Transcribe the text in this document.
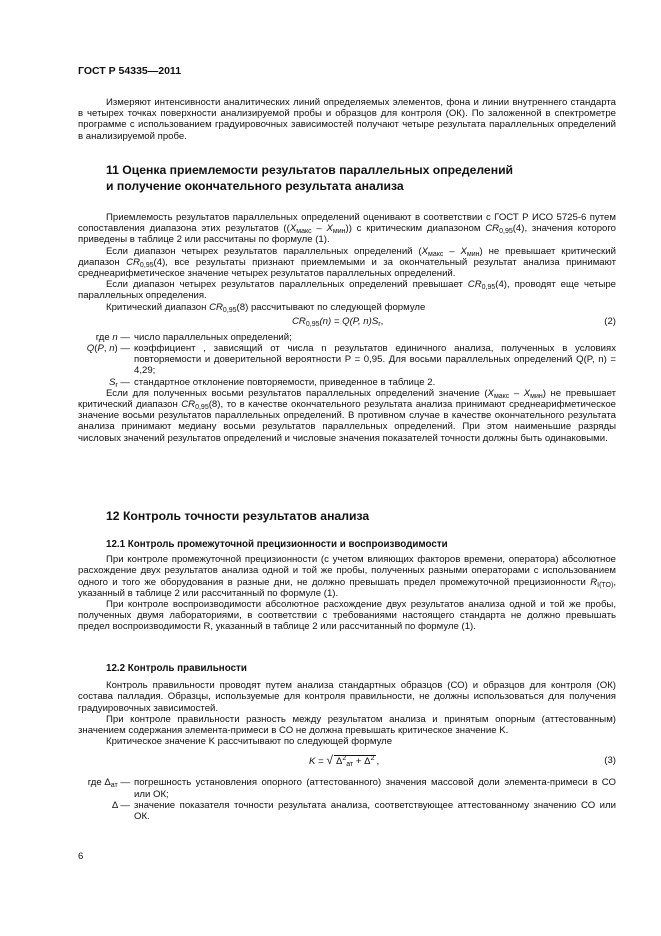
ГОСТ Р 54335—2011

Измеряют интенсивности аналитических линий определяемых элементов, фона и линии внутреннего стандарта в четырех точках поверхности анализируемой пробы и образцов для контроля (ОК). По заложенной в спектрометре программе с использованием градуировочных зависимостей получают четыре результата параллельных определений в анализируемой пробе.

11 Оценка приемлемости результатов параллельных определений
и получение окончательного результата анализа

Приемлемость результатов параллельных определений оценивают в соответствии с ГОСТ Р ИСО 5725-6 путем сопоставления диапазона этих результатов $((X_{макс} - X_{мин}))$ с критическим диапазоном $CR_{0,95}(4)$, значения которого приведены в таблице 2 или рассчитаны по формуле (1).

Если диапазон четырех результатов параллельных определений $(X_{макс} - X_{мин})$ не превышает критический диапазон $CR_{0,95}(4)$, все результаты признают приемлемыми и за окончательный результат анализа принимают среднеарифметическое значение четырех результатов параллельных определений.

Если диапазон четырех результатов параллельных определений превышает $CR_{0,95}(4)$, проводят еще четыре параллельных определения.

Критический диапазон $CR_{0,95}(8)$ рассчитывают по следующей формуле

$CR_{0,95}(n) = Q(P$, $n)S_r$,	(2)
где n — число параллельных определений;
Q(P, n) — коэффициент , зависящий от числа n результатов единичного анализа, полученных в условиях повторяемости и доверительной вероятности P = 0,95. Для восьми параллельных определений Q(P, n) = 4,29;
$S_r$ — стандартное отклонение повторяемости, приведенное в таблице 2.

Если для полученных восьми результатов параллельных определений значение $(X_{макс} - X_{мин})$ не превышает критический диапазон $CR_{0,95}(8)$, то в качестве окончательного результата анализа принимают среднеарифметическое значение восьми результатов параллельных определений. В противном случае в качестве окончательного результата анализа принимают медиану восьми результатов параллельных определений. При этом наименьшие разряды числовых значений результатов определений и числовые значения показателей точности должны быть одинаковыми.

12 Контроль точности результатов анализа
12.1 Контроль промежуточной прецизионности и воспроизводимости

При контроле промежуточной прецизионности (с учетом влияющих факторов времени, оператора) абсолютное расхождение двух результатов анализа одной и той же пробы, полученных разными операторами с использованием одного и того же оборудования в разные дни, не должно превышать предел промежуточной прецизионности $R_{I(TO)}$, указанный в таблице 2 или рассчитанный по формуле (1).

При контроле воспроизводимости абсолютное расхождение двух результатов анализа одной и той же пробы, полученных двумя лабораториями, в соответствии с требованиями настоящего стандарта не должно превышать предел воспроизводимости R, указанный в таблице 2 или рассчитанный по формуле (1).

12.2 Контроль правильности

Контроль правильности проводят путем анализа стандартных образцов (СО) и образцов для контроля (ОК) состава палладия. Образцы, используемые для контроля правильности, не должны использоваться для получения градуировочных зависимостей.

При контроле правильности разность между результатом анализа и принятым опорным (аттестованным) значением содержания элемента-примеси в СО не должна превышать критическое значение K.

Критическое значение K рассчитывают по следующей формуле

K = √ $\Delta^2_{ат} + \Delta^2$ ,	(3)
где $\Delta_{ат}$ — погрешность установления опорного (аттестованного) значения массовой доли элемента-примеси в СО или ОК;
Δ — значение показателя точности результата анализа, соответствующее аттестованному значению СО или ОК.
6
